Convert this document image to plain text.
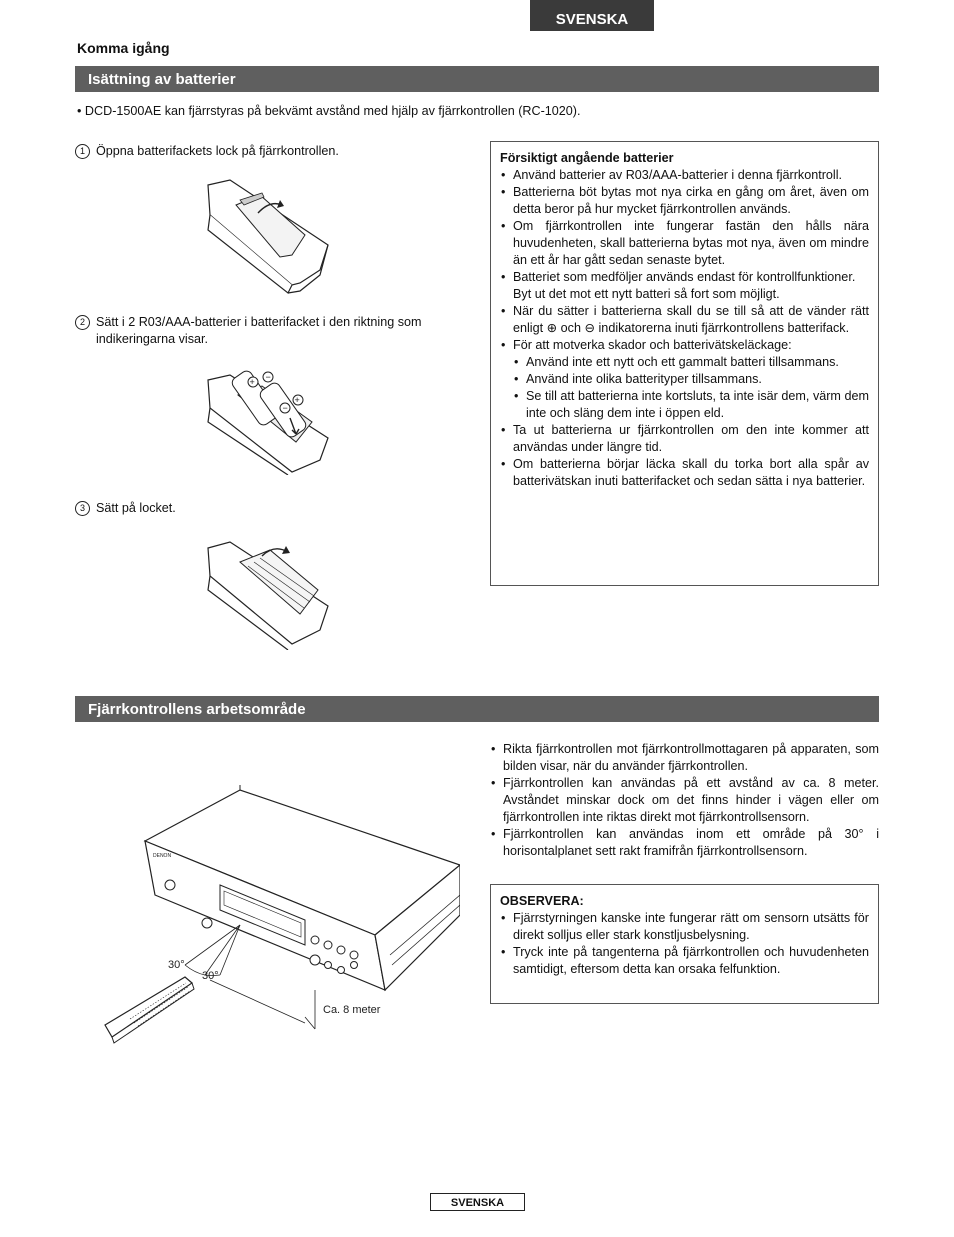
SVENSKA
Komma igång
Isättning av batterier
• DCD-1500AE kan fjärrstyras på bekvämt avstånd med hjälp av fjärrkontrollen (RC-1020).
1 Öppna batterifackets lock på fjärrkontrollen.
2 Sätt i 2 R03/AAA-batterier i batterifacket i den riktning som indikeringarna visar.
+ −
−
+
3 Sätt på locket.
Försiktigt angående batterier
• Använd batterier av R03/AAA-batterier i denna fjärrkontroll.
• Batterierna böt bytas mot nya cirka en gång om året, även om detta beror på hur mycket fjärrkontrollen används.
• Om fjärrkontrollen inte fungerar fastän den hålls nära huvudenheten, skall batterierna bytas mot nya, även om mindre än ett år har gått sedan senaste bytet.
• Batteriet som medföljer används endast för kontrollfunktioner.
Byt ut det mot ett nytt batteri så fort som möjligt.
• När du sätter i batterierna skall du se till så att de vänder rätt enligt ⊕ och ⊖ indikatorerna inuti fjärrkontrollens batterifack.
• För att motverka skador och batterivätskeläckage:
• Använd inte ett nytt och ett gammalt batteri tillsammans.
• Använd inte olika batterityper tillsammans.
• Se till att batterierna inte kortsluts, ta inte isär dem, värm dem inte och släng dem inte i öppen eld.
• Ta ut batterierna ur fjärrkontrollen om den inte kommer att användas under längre tid.
• Om batterierna börjar läcka skall du torka bort alla spår av batterivätskan inuti batterifacket och sedan sätta i nya batterier.
Fjärrkontrollens arbetsområde
• Rikta fjärrkontrollen mot fjärrkontrollmottagaren på apparaten, som bilden visar, när du använder fjärrkontrollen.
• Fjärrkontrollen kan användas på ett avstånd av ca. 8 meter. Avståndet minskar dock om det finns hinder i vägen eller om fjärrkontrollen inte riktas direkt mot fjärrkontrollsensorn.
• Fjärrkontrollen kan användas inom ett område på 30° i horisontalplanet sett rakt framifrån fjärrkontrollsensorn.
OBSERVERA:
• Fjärrstyrningen kanske inte fungerar rätt om sensorn utsätts för direkt solljus eller stark konstljusbelysning.
• Tryck inte på tangenterna på fjärrkontrollen och huvudenheten samtidigt, eftersom detta kan orsaka felfunktion.
DENON
30°
30°
Ca. 8 meter
SVENSKA
